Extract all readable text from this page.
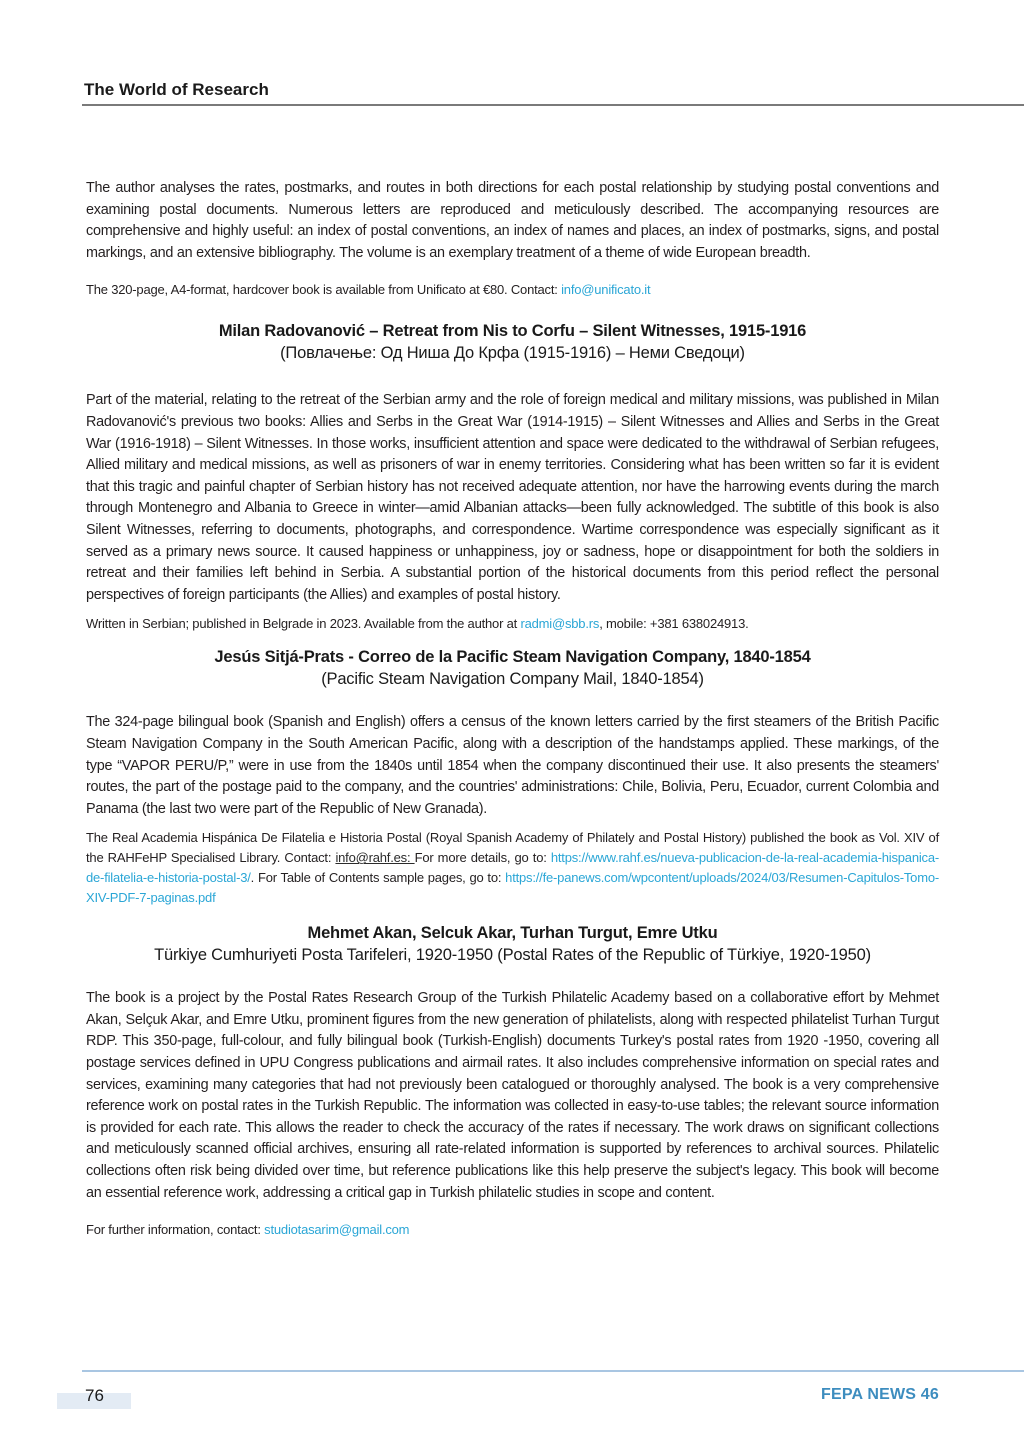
The World of Research

The author analyses the rates, postmarks, and routes in both directions for each postal relationship by studying postal conventions and examining postal documents. Numerous letters are reproduced and meticulously described. The accompanying resources are comprehensive and highly useful: an index of postal conventions, an index of names and places, an index of postmarks, signs, and postal markings, and an extensive bibliography. The volume is an exemplary treatment of a theme of wide European breadth.

The 320-page, A4-format, hardcover book is available from Unificato at €80. Contact: info@unificato.it

Milan Radovanović – Retreat from Nis to Corfu – Silent Witnesses, 1915-1916
(Повлачење: Од Ниша До Крфа (1915-1916) – Неми Сведоци)

Part of the material, relating to the retreat of the Serbian army and the role of foreign medical and military missions, was published in Milan Radovanović's previous two books: Allies and Serbs in the Great War (1914-1915) – Silent Witnesses and Allies and Serbs in the Great War (1916-1918) – Silent Witnesses. In those works, insufficient attention and space were dedicated to the withdrawal of Serbian refugees, Allied military and medical missions, as well as prisoners of war in enemy territories. Considering what has been written so far it is evident that this tragic and painful chapter of Serbian history has not received adequate attention, nor have the harrowing events during the march through Montenegro and Albania to Greece in winter—amid Albanian attacks—been fully acknowledged. The subtitle of this book is also Silent Witnesses, referring to documents, photographs, and correspondence. Wartime correspondence was especially significant as it served as a primary news source. It caused happiness or unhappiness, joy or sadness, hope or disappointment for both the soldiers in retreat and their families left behind in Serbia. A substantial portion of the historical documents from this period reflect the personal perspectives of foreign participants (the Allies) and examples of postal history.

Written in Serbian; published in Belgrade in 2023. Available from the author at radmi@sbb.rs, mobile: +381 638024913.

Jesús Sitjá-Prats - Correo de la Pacific Steam Navigation Company, 1840-1854
(Pacific Steam Navigation Company Mail, 1840-1854)

The 324-page bilingual book (Spanish and English) offers a census of the known letters carried by the first steamers of the British Pacific Steam Navigation Company in the South American Pacific, along with a description of the handstamps applied. These markings, of the type “VAPOR PERU/P,” were in use from the 1840s until 1854 when the company discontinued their use. It also presents the steamers' routes, the part of the postage paid to the company, and the countries' administrations: Chile, Bolivia, Peru, Ecuador, current Colombia and Panama (the last two were part of the Republic of New Granada).

The Real Academia Hispánica De Filatelia e Historia Postal (Royal Spanish Academy of Philately and Postal History) published the book as Vol. XIV of the RAHFeHP Specialised Library. Contact: info@rahf.es: For more details, go to: https://www.rahf.es/nueva-publicacion-de-la-real-academia-hispanica-de-filatelia-e-historia-postal-3/. For Table of Contents sample pages, go to: https://fe-panews.com/wpcontent/uploads/2024/03/Resumen-Capitulos-Tomo-XIV-PDF-7-paginas.pdf

Mehmet Akan, Selcuk Akar, Turhan Turgut, Emre Utku
Türkiye Cumhuriyeti Posta Tarifeleri, 1920-1950 (Postal Rates of the Republic of Türkiye, 1920-1950)

The book is a project by the Postal Rates Research Group of the Turkish Philatelic Academy based on a collaborative effort by Mehmet Akan, Selçuk Akar, and Emre Utku, prominent figures from the new generation of philatelists, along with respected philatelist Turhan Turgut RDP. This 350-page, full-colour, and fully bilingual book (Turkish-English) documents Turkey's postal rates from 1920 -1950, covering all postage services defined in UPU Congress publications and airmail rates. It also includes comprehensive information on special rates and services, examining many categories that had not previously been catalogued or thoroughly analysed. The book is a very comprehensive reference work on postal rates in the Turkish Republic. The information was collected in easy-to-use tables; the relevant source information is provided for each rate. This allows the reader to check the accuracy of the rates if necessary. The work draws on significant collections and meticulously scanned official archives, ensuring all rate-related information is supported by references to archival sources. Philatelic collections often risk being divided over time, but reference publications like this help preserve the subject's legacy. This book will become an essential reference work, addressing a critical gap in Turkish philatelic studies in scope and content.

For further information, contact: studiotasarim@gmail.com

76	FEPA NEWS 46
